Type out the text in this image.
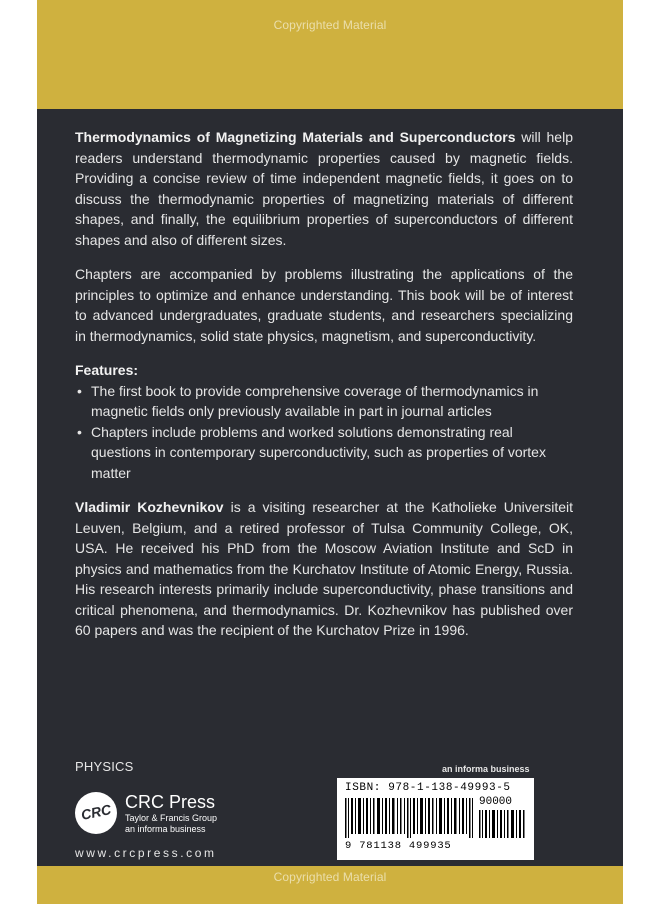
Copyrighted Material

Thermodynamics of Magnetizing Materials and Superconductors will help readers understand thermodynamic properties caused by magnetic fields. Providing a concise review of time independent magnetic fields, it goes on to discuss the thermodynamic properties of magnetizing materials of different shapes, and finally, the equilibrium properties of superconductors of different shapes and also of different sizes.

Chapters are accompanied by problems illustrating the applications of the principles to optimize and enhance understanding. This book will be of interest to advanced undergraduates, graduate students, and researchers specializing in thermodynamics, solid state physics, magnetism, and superconductivity.

Features:

• The first book to provide comprehensive coverage of thermodynamics in magnetic fields only previously available in part in journal articles
• Chapters include problems and worked solutions demonstrating real questions in contemporary superconductivity, such as properties of vortex matter

Vladimir Kozhevnikov is a visiting researcher at the Katholieke Universiteit Leuven, Belgium, and a retired professor of Tulsa Community College, OK, USA. He received his PhD from the Moscow Aviation Institute and ScD in physics and mathematics from the Kurchatov Institute of Atomic Energy, Russia. His research interests primarily include superconductivity, phase transitions and critical phenomena, and thermodynamics. Dr. Kozhevnikov has published over 60 papers and was the recipient of the Kurchatov Prize in 1996.

PHYSICS	an informa business
CRC CRC Press
Taylor & Francis Group
an informa business
www.crcpress.com
ISBN: 978-1-138-49993-5
90000
9 781138 499935
Copyrighted Material
